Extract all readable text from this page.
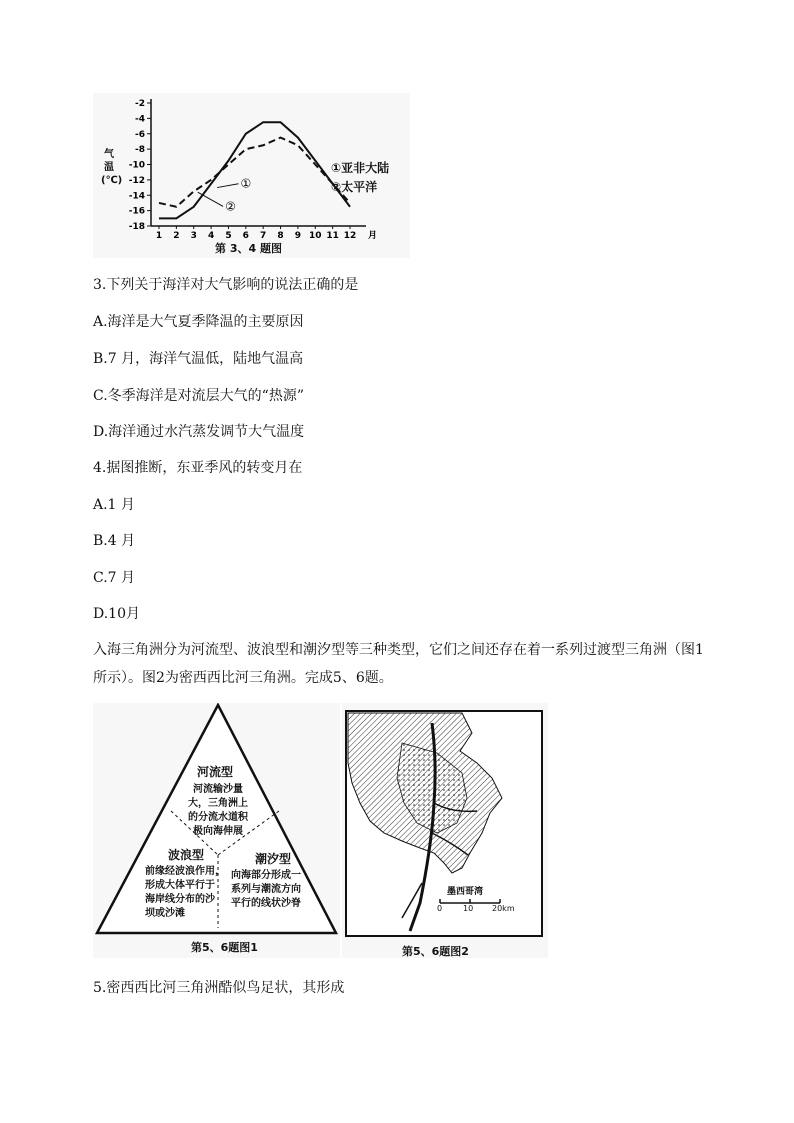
-2
-4
-6
-8
-10
-12
-14
-16
-18
1 2 3 4 5 6 7 8 9 10 11 12 月
①
②
气温 (℃)
①亚非大陆
②太平洋
第 3、4 题图
3.下列关于海洋对大气影响的说法正确的是
A.海洋是大气夏季降温的主要原因
B.7 月，海洋气温低，陆地气温高
C.冬季海洋是对流层大气的“热源”
D.海洋通过水汽蒸发调节大气温度
4.据图推断，东亚季风的转变月在
A.1 月
B.4 月
C.7 月
D.10月
入海三角洲分为河流型、波浪型和潮汐型等三种类型，它们之间还存在着一系列过渡型三角洲（图1所示）。图2为密西西比河三角洲。完成5、6题。
河流型
河流输沙量
大，三角洲上
的分流水道积
极向海伸展
波浪型
前缘经波浪作用，
形成大体平行于
海岸线分布的沙
坝或沙滩
潮汐型
向海部分形成一
系列与潮流方向
平行的线状沙脊
第5、6题图1
墨西哥湾
0	10 20km
第5、6题图2
5.密西西比河三角洲酷似鸟足状，其形成
